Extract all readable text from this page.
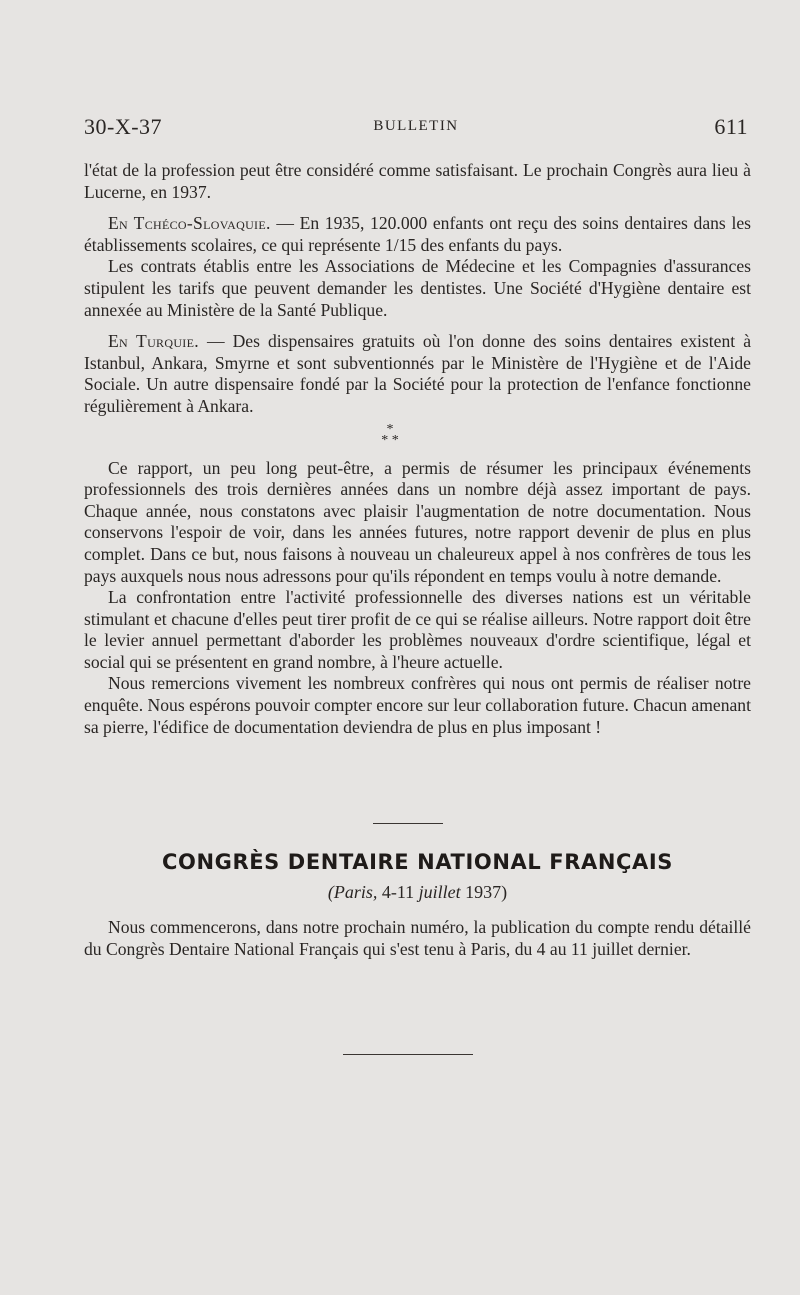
30-X-37	BULLETIN	611

l'état de la profession peut être considéré comme satisfaisant. Le prochain Congrès aura lieu à Lucerne, en 1937.

En Tchéco-Slovaquie. — En 1935, 120.000 enfants ont reçu des soins dentaires dans les établissements scolaires, ce qui représente 1/15 des enfants du pays.

Les contrats établis entre les Associations de Médecine et les Compagnies d'assurances stipulent les tarifs que peuvent demander les dentistes. Une Société d'Hygiène dentaire est annexée au Ministère de la Santé Publique.

En Turquie. — Des dispensaires gratuits où l'on donne des soins dentaires existent à Istanbul, Ankara, Smyrne et sont subventionnés par le Ministère de l'Hygiène et de l'Aide Sociale. Un autre dispensaire fondé par la Société pour la protection de l'enfance fonctionne régulièrement à Ankara.

Ce rapport, un peu long peut-être, a permis de résumer les principaux événements professionnels des trois dernières années dans un nombre déjà assez important de pays. Chaque année, nous constatons avec plaisir l'augmentation de notre documentation. Nous conservons l'espoir de voir, dans les années futures, notre rapport devenir de plus en plus complet. Dans ce but, nous faisons à nouveau un chaleureux appel à nos confrères de tous les pays auxquels nous nous adressons pour qu'ils répondent en temps voulu à notre demande.

La confrontation entre l'activité professionnelle des diverses nations est un véritable stimulant et chacune d'elles peut tirer profit de ce qui se réalise ailleurs. Notre rapport doit être le levier annuel permettant d'aborder les problèmes nouveaux d'ordre scientifique, légal et social qui se présentent en grand nombre, à l'heure actuelle.

Nous remercions vivement les nombreux confrères qui nous ont permis de réaliser notre enquête. Nous espérons pouvoir compter encore sur leur collaboration future. Chacun amenant sa pierre, l'édifice de documentation deviendra de plus en plus imposant !

*
* *
CONGRÈS DENTAIRE NATIONAL FRANÇAIS
(Paris, 4-11 juillet 1937)

Nous commencerons, dans notre prochain numéro, la publication du compte rendu détaillé du Congrès Dentaire National Français qui s'est tenu à Paris, du 4 au 11 juillet dernier.
